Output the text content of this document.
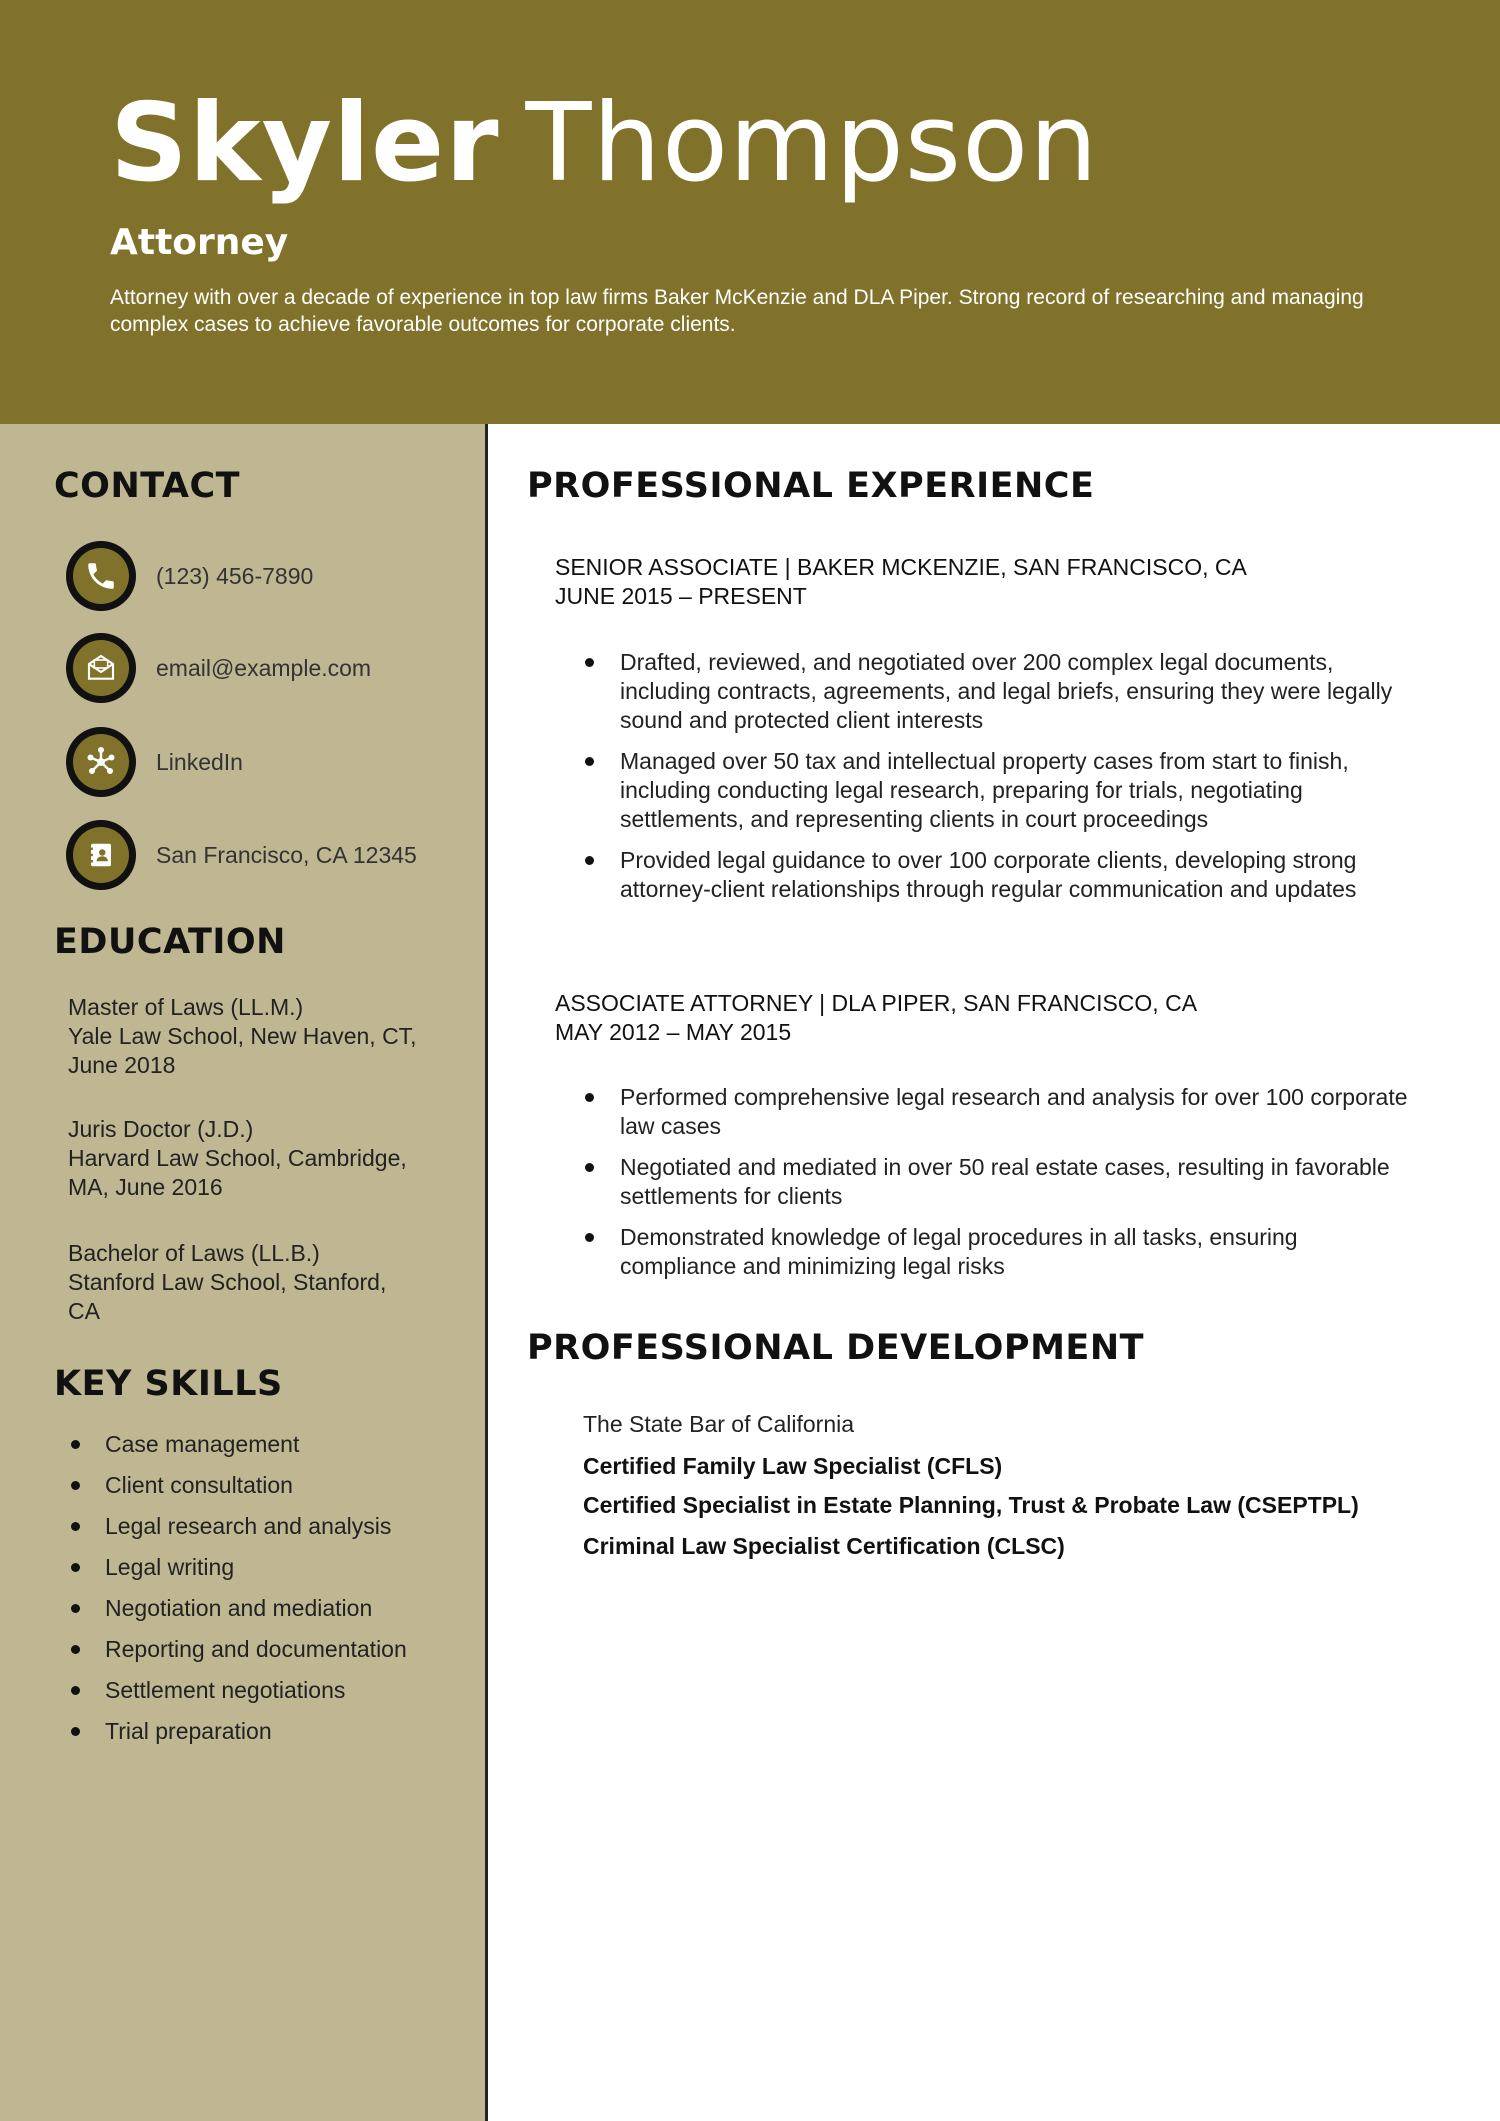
Skyler Thompson
Attorney
Attorney with over a decade of experience in top law firms Baker McKenzie and DLA Piper. Strong record of researching and managing complex cases to achieve favorable outcomes for corporate clients.
CONTACT
(123) 456-7890
email@example.com
LinkedIn
San Francisco, CA 12345
EDUCATION
Master of Laws (LL.M.)
Yale Law School, New Haven, CT,
June 2018
Juris Doctor (J.D.)
Harvard Law School, Cambridge,
MA, June 2016
Bachelor of Laws (LL.B.)
Stanford Law School, Stanford,
CA
KEY SKILLS
Case management
Client consultation
Legal research and analysis
Legal writing
Negotiation and mediation
Reporting and documentation
Settlement negotiations
Trial preparation
PROFESSIONAL EXPERIENCE
SENIOR ASSOCIATE | BAKER MCKENZIE, SAN FRANCISCO, CA
JUNE 2015 – PRESENT
Drafted, reviewed, and negotiated over 200 complex legal documents, including contracts, agreements, and legal briefs, ensuring they were legally sound and protected client interests
Managed over 50 tax and intellectual property cases from start to finish, including conducting legal research, preparing for trials, negotiating settlements, and representing clients in court proceedings
Provided legal guidance to over 100 corporate clients, developing strong attorney-client relationships through regular communication and updates
ASSOCIATE ATTORNEY | DLA PIPER, SAN FRANCISCO, CA
MAY 2012 – MAY 2015
Performed comprehensive legal research and analysis for over 100 corporate law cases
Negotiated and mediated in over 50 real estate cases, resulting in favorable settlements for clients
Demonstrated knowledge of legal procedures in all tasks, ensuring compliance and minimizing legal risks
PROFESSIONAL DEVELOPMENT
The State Bar of California
Certified Family Law Specialist (CFLS)
Certified Specialist in Estate Planning, Trust & Probate Law (CSEPTPL)
Criminal Law Specialist Certification (CLSC)
